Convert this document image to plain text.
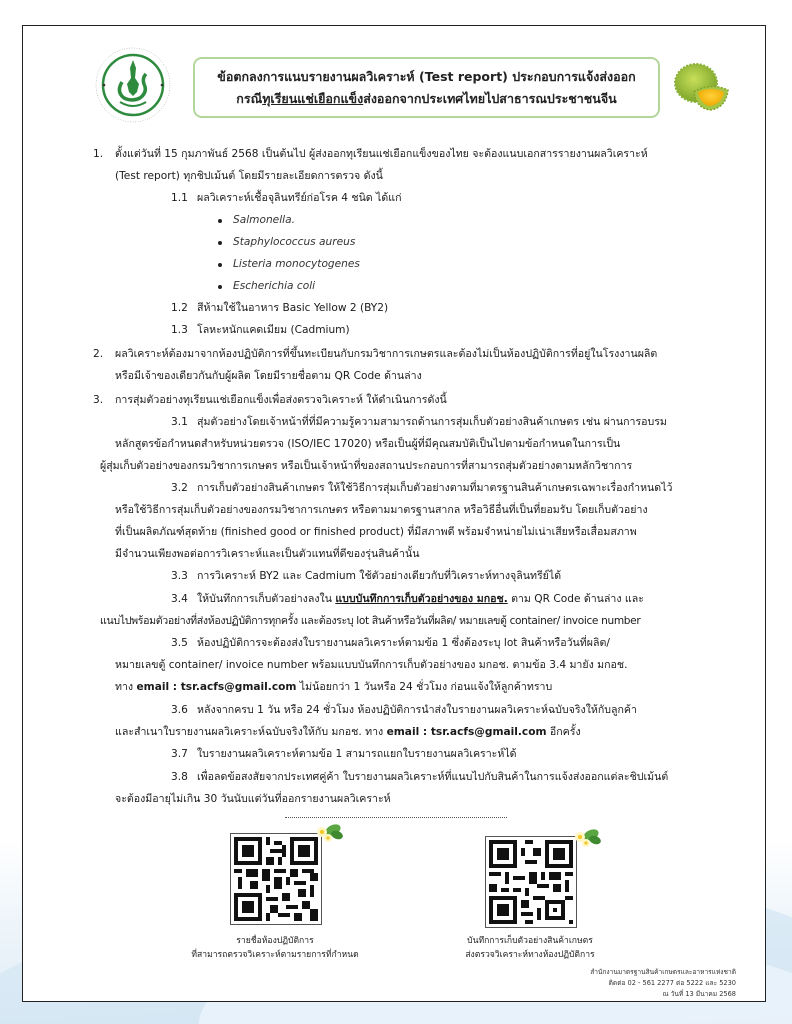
ข้อตกลงการแนบรายงานผลวิเคราะห์ (Test report) ประกอบการแจ้งส่งออก
กรณีทุเรียนแช่เยือกแข็งส่งออกจากประเทศไทยไปสาธารณประชาชนจีน
1. ตั้งแต่วันที่ 15 กุมภาพันธ์ 2568 เป็นต้นไป ผู้ส่งออกทุเรียนแช่เยือกแข็งของไทย จะต้องแนบเอกสารรายงานผลวิเคราะห์
(Test report) ทุกชิปเม้นต์ โดยมีรายละเอียดการตรวจ ดังนี้
1.1 ผลวิเคราะห์เชื้อจุลินทรีย์ก่อโรค 4 ชนิด ได้แก่
Salmonella.
Staphylococcus aureus
Listeria monocytogenes
Escherichia coli
1.2 สีห้ามใช้ในอาหาร Basic Yellow 2 (BY2)
1.3 โลหะหนักแคดเมียม (Cadmium)
2. ผลวิเคราะห์ต้องมาจากห้องปฏิบัติการที่ขึ้นทะเบียนกับกรมวิชาการเกษตรและต้องไม่เป็นห้องปฏิบัติการที่อยู่ในโรงงานผลิต
หรือมีเจ้าของเดียวกันกับผู้ผลิต โดยมีรายชื่อตาม QR Code ด้านล่าง
3. การสุ่มตัวอย่างทุเรียนแช่เยือกแข็งเพื่อส่งตรวจวิเคราะห์ ให้ดำเนินการดังนี้
3.1 สุ่มตัวอย่างโดยเจ้าหน้าที่ที่มีความรู้ความสามารถด้านการสุ่มเก็บตัวอย่างสินค้าเกษตร เช่น ผ่านการอบรม
หลักสูตรข้อกำหนดสำหรับหน่วยตรวจ (ISO/IEC 17020) หรือเป็นผู้ที่มีคุณสมบัติเป็นไปตามข้อกำหนดในการเป็น
ผู้สุ่มเก็บตัวอย่างของกรมวิชาการเกษตร หรือเป็นเจ้าหน้าที่ของสถานประกอบการที่สามารถสุ่มตัวอย่างตามหลักวิชาการ
3.2 การเก็บตัวอย่างสินค้าเกษตร ให้ใช้วิธีการสุ่มเก็บตัวอย่างตามที่มาตรฐานสินค้าเกษตรเฉพาะเรื่องกำหนดไว้
หรือใช้วิธีการสุ่มเก็บตัวอย่างของกรมวิชาการเกษตร หรือตามมาตรฐานสากล หรือวิธีอื่นที่เป็นที่ยอมรับ โดยเก็บตัวอย่าง
ที่เป็นผลิตภัณฑ์สุดท้าย (finished good or finished product) ที่มีสภาพดี พร้อมจำหน่ายไม่เน่าเสียหรือเสื่อมสภาพ
มีจำนวนเพียงพอต่อการวิเคราะห์และเป็นตัวแทนที่ดีของรุ่นสินค้านั้น
3.3 การวิเคราะห์ BY2 และ Cadmium ใช้ตัวอย่างเดียวกับที่วิเคราะห์ทางจุลินทรีย์ได้
3.4 ให้บันทึกการเก็บตัวอย่างลงใน แบบบันทึกการเก็บตัวอย่างของ มกอช. ตาม QR Code ด้านล่าง และ
แนบไปพร้อมตัวอย่างที่ส่งห้องปฏิบัติการทุกครั้ง และต้องระบุ lot สินค้าหรือวันที่ผลิต/ หมายเลขตู้ container/ invoice number
3.5 ห้องปฏิบัติการจะต้องส่งใบรายงานผลวิเคราะห์ตามข้อ 1 ซึ่งต้องระบุ lot สินค้าหรือวันที่ผลิต/
หมายเลขตู้ container/ invoice number พร้อมแบบบันทึกการเก็บตัวอย่างของ มกอช. ตามข้อ 3.4 มายัง มกอช.
ทาง email : tsr.acfs@gmail.com ไม่น้อยกว่า 1 วันหรือ 24 ชั่วโมง ก่อนแจ้งให้ลูกค้าทราบ
3.6 หลังจากครบ 1 วัน หรือ 24 ชั่วโมง ห้องปฏิบัติการนำส่งใบรายงานผลวิเคราะห์ฉบับจริงให้กับลูกค้า
และสำเนาใบรายงานผลวิเคราะห์ฉบับจริงให้กับ มกอช. ทาง email : tsr.acfs@gmail.com อีกครั้ง
3.7 ใบรายงานผลวิเคราะห์ตามข้อ 1 สามารถแยกใบรายงานผลวิเคราะห์ได้
3.8 เพื่อลดข้อสงสัยจากประเทศคู่ค้า ใบรายงานผลวิเคราะห์ที่แนบไปกับสินค้าในการแจ้งส่งออกแต่ละชิปเม้นต์
จะต้องมีอายุไม่เกิน 30 วันนับแต่วันที่ออกรายงานผลวิเคราะห์
รายชื่อห้องปฏิบัติการ
ที่สามารถตรวจวิเคราะห์ตามรายการที่กำหนด
บันทึกการเก็บตัวอย่างสินค้าเกษตร
ส่งตรวจวิเคราะห์ทางห้องปฏิบัติการ
สำนักงานมาตรฐานสินค้าเกษตรและอาหารแห่งชาติ
ติดต่อ 02 - 561 2277 ต่อ 5222 และ 5230
ณ วันที่ 13 มีนาคม 2568
